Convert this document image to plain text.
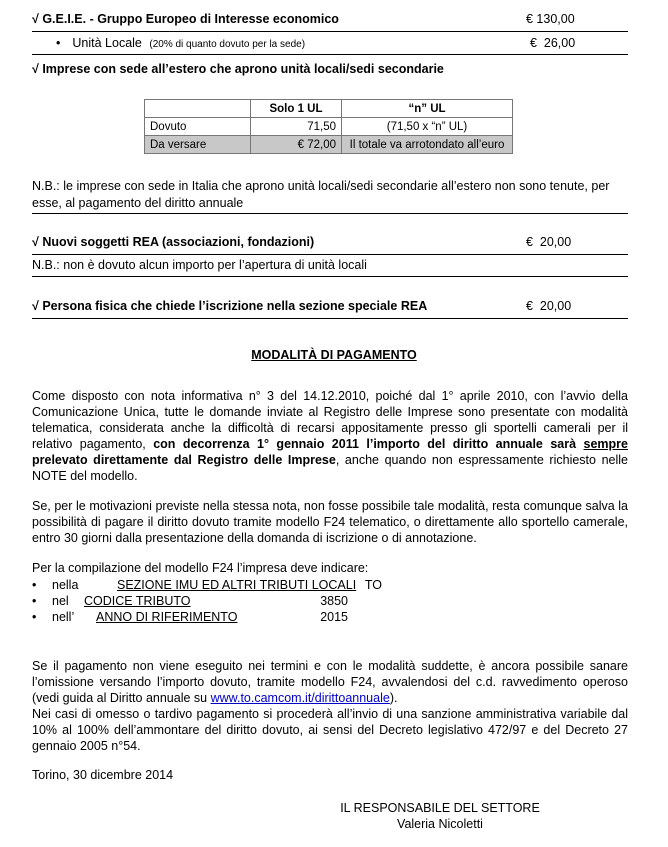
√ G.E.I.E. - Gruppo Europeo di Interesse economico	€ 130,00
• Unità Locale (20% di quanto dovuto per la sede)	€  26,00
√ Imprese con sede all’estero che aprono unità locali/sedi secondarie
	Solo 1 UL	“n” UL
Dovuto	71,50	(71,50 x “n” UL)
Da versare	€ 72,00	Il totale va arrotondato all’euro
N.B.: le imprese con sede in Italia che aprono unità locali/sedi secondarie all’estero non sono tenute, per esse, al pagamento del diritto annuale
√ Nuovi soggetti REA (associazioni, fondazioni)	€  20,00
N.B.: non è dovuto alcun importo per l’apertura di unità locali
√ Persona fisica che chiede l’iscrizione nella sezione speciale REA	€  20,00
MODALITÀ DI PAGAMENTO
Come disposto con nota informativa n° 3 del 14.12.2010, poiché dal 1° aprile 2010, con l’avvio della Comunicazione Unica, tutte le domande inviate al Registro delle Imprese sono presentate con modalità telematica, considerata anche la difficoltà di recarsi appositamente presso gli sportelli camerali per il relativo pagamento, con decorrenza 1° gennaio 2011 l’importo del diritto annuale sarà sempre prelevato direttamente dal Registro delle Imprese, anche quando non espressamente richiesto nelle NOTE del modello.
Se, per le motivazioni previste nella stessa nota, non fosse possibile tale modalità, resta comunque salva la possibilità di pagare il diritto dovuto tramite modello F24 telematico, o direttamente allo sportello camerale, entro 30 giorni dalla presentazione della domanda di iscrizione o di annotazione.
Per la compilazione del modello F24 l’impresa deve indicare:
• nella	SEZIONE IMU ED ALTRI TRIBUTI LOCALI TO
• nel CODICE TRIBUTO	3850
• nell’ ANNO DI RIFERIMENTO	2015
Se il pagamento non viene eseguito nei termini e con le modalità suddette, è ancora possibile sanare l’omissione versando l’importo dovuto, tramite modello F24, avvalendosi del c.d. ravvedimento operoso (vedi guida al Diritto annuale su www.to.camcom.it/dirittoannuale).
Nei casi di omesso o tardivo pagamento si procederà all’invio di una sanzione amministrativa variabile dal 10% al 100% dell’ammontare del diritto dovuto, ai sensi del Decreto legislativo 472/97 e del Decreto 27 gennaio 2005 n°54.
Torino, 30 dicembre 2014
IL RESPONSABILE DEL SETTORE
Valeria Nicoletti
